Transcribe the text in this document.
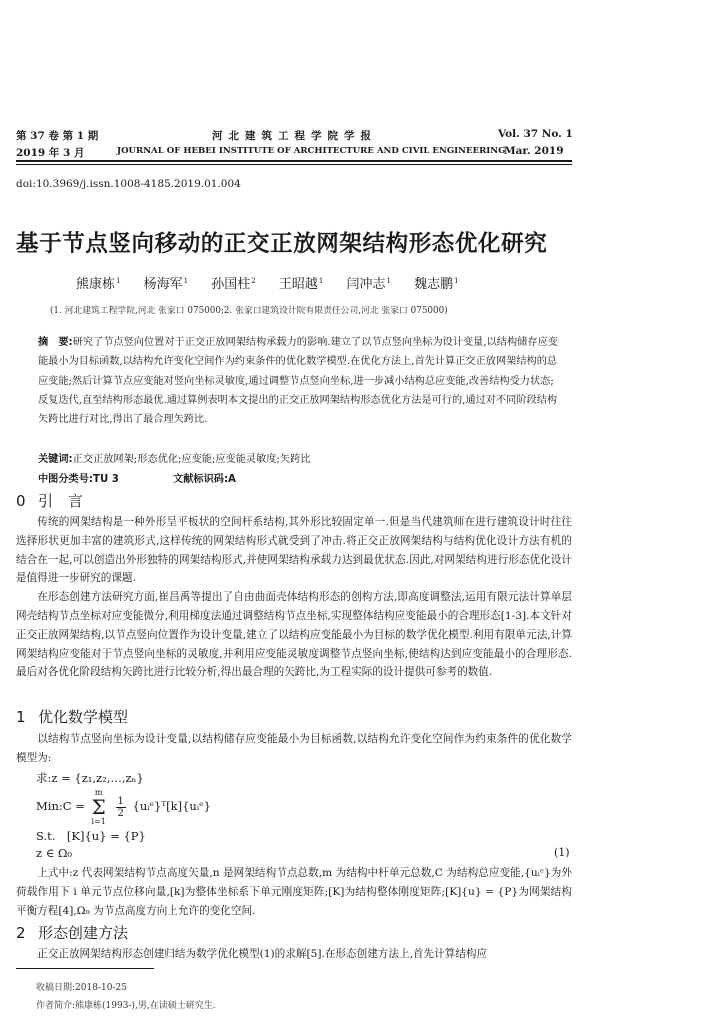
第 37 卷 第 1 期	河北建筑工程学院学报	Vol. 37 No. 1
2019 年 3 月	JOURNAL OF HEBEI INSTITUTE OF ARCHITECTURE AND CIVIL ENGINEERING
Mar. 2019
doi:10.3969/j.issn.1008-4185.2019.01.004
基于节点竖向移动的正交正放网架结构形态优化研究
熊康栋$^1$ 杨海军$^1$ 孙国柱$^2$ 王昭越$^1$ 闫冲志$^1$ 魏志鹏$^1$
(1. 河北建筑工程学院,河北 张家口 075000;2. 张家口建筑设计院有限责任公司,河北 张家口 075000)
摘　要:研究了节点竖向位置对于正交正放网架结构承载力的影响.建立了以节点竖向坐标为设计变量,以结构储存应变能最小为目标函数,以结构允许变化空间作为约束条件的优化数学模型.在优化方法上,首先计算正交正放网架结构的总应变能;然后计算节点应变能对竖向坐标灵敏度,通过调整节点竖向坐标,进一步减小结构总应变能,改善结构受力状态;反复迭代,直至结构形态最优.通过算例表明本文提出的正交正放网架结构形态优化方法是可行的,通过对不同阶段结构矢跨比进行对比,得出了最合理矢跨比.
关键词:正交正放网架;形态优化;应变能;应变能灵敏度;矢跨比
中图分类号:TU 3	文献标识码:A
0 引　言

传统的网架结构是一种外形呈平板状的空间杆系结构,其外形比较固定单一.但是当代建筑师在进行建筑设计时往往选择形状更加丰富的建筑形式,这样传统的网架结构形式就受到了冲击.将正交正放网架结构与结构优化设计方法有机的结合在一起,可以创造出外形独特的网架结构形式,并使网架结构承载力达到最优状态.因此,对网架结构进行形态优化设计是值得进一步研究的课题.

在形态创建方法研究方面,崔昌禹等提出了自由曲面壳体结构形态的创构方法,即高度调整法,运用有限元法计算单层网壳结构节点坐标对应变能微分,利用梯度法通过调整结构节点坐标,实现整体结构应变能最小的合理形态[1-3].本文针对正交正放网架结构,以节点竖向位置作为设计变量,建立了以结构应变能最小为目标的数学优化模型.利用有限单元法,计算网架结构应变能对于节点竖向坐标的灵敏度,并利用应变能灵敏度调整节点竖向坐标,使结构达到应变能最小的合理形态.最后对各优化阶段结构矢跨比进行比较分析,得出最合理的矢跨比,为工程实际的设计提供可参考的数值.

1 优化数学模型

以结构节点竖向坐标为设计变量,以结构储存应变能最小为目标函数,以结构允许变化空间作为约束条件的优化数学模型为:

求:z = {z₁,z₂,…,zₙ}
Min:C =
m
Σ
i=1

$\frac{1}{2}$ {uᵢᵉ}ᵀ[k]{uᵢᵉ}
S.t.　[K]{u} = {P}
z ∈ Ω₀	(1)

上式中:z 代表网架结构节点高度矢量,n 是网架结构节点总数,m 为结构中杆单元总数,C 为结构总应变能,{uᵢᵉ}为外荷载作用下 i 单元节点位移向量,[k]为整体坐标系下单元刚度矩阵;[K]为结构整体刚度矩阵;[K]{u} = {P}为网架结构平衡方程[4],Ω₀ 为节点高度方向上允许的变化空间.

2 形态创建方法

正交正放网架结构形态创建归结为数学优化模型(1)的求解[5].在形态创建方法上,首先计算结构应

收稿日期:2018-10-25
作者简介:熊康栋(1993-),男,在读硕士研究生.
